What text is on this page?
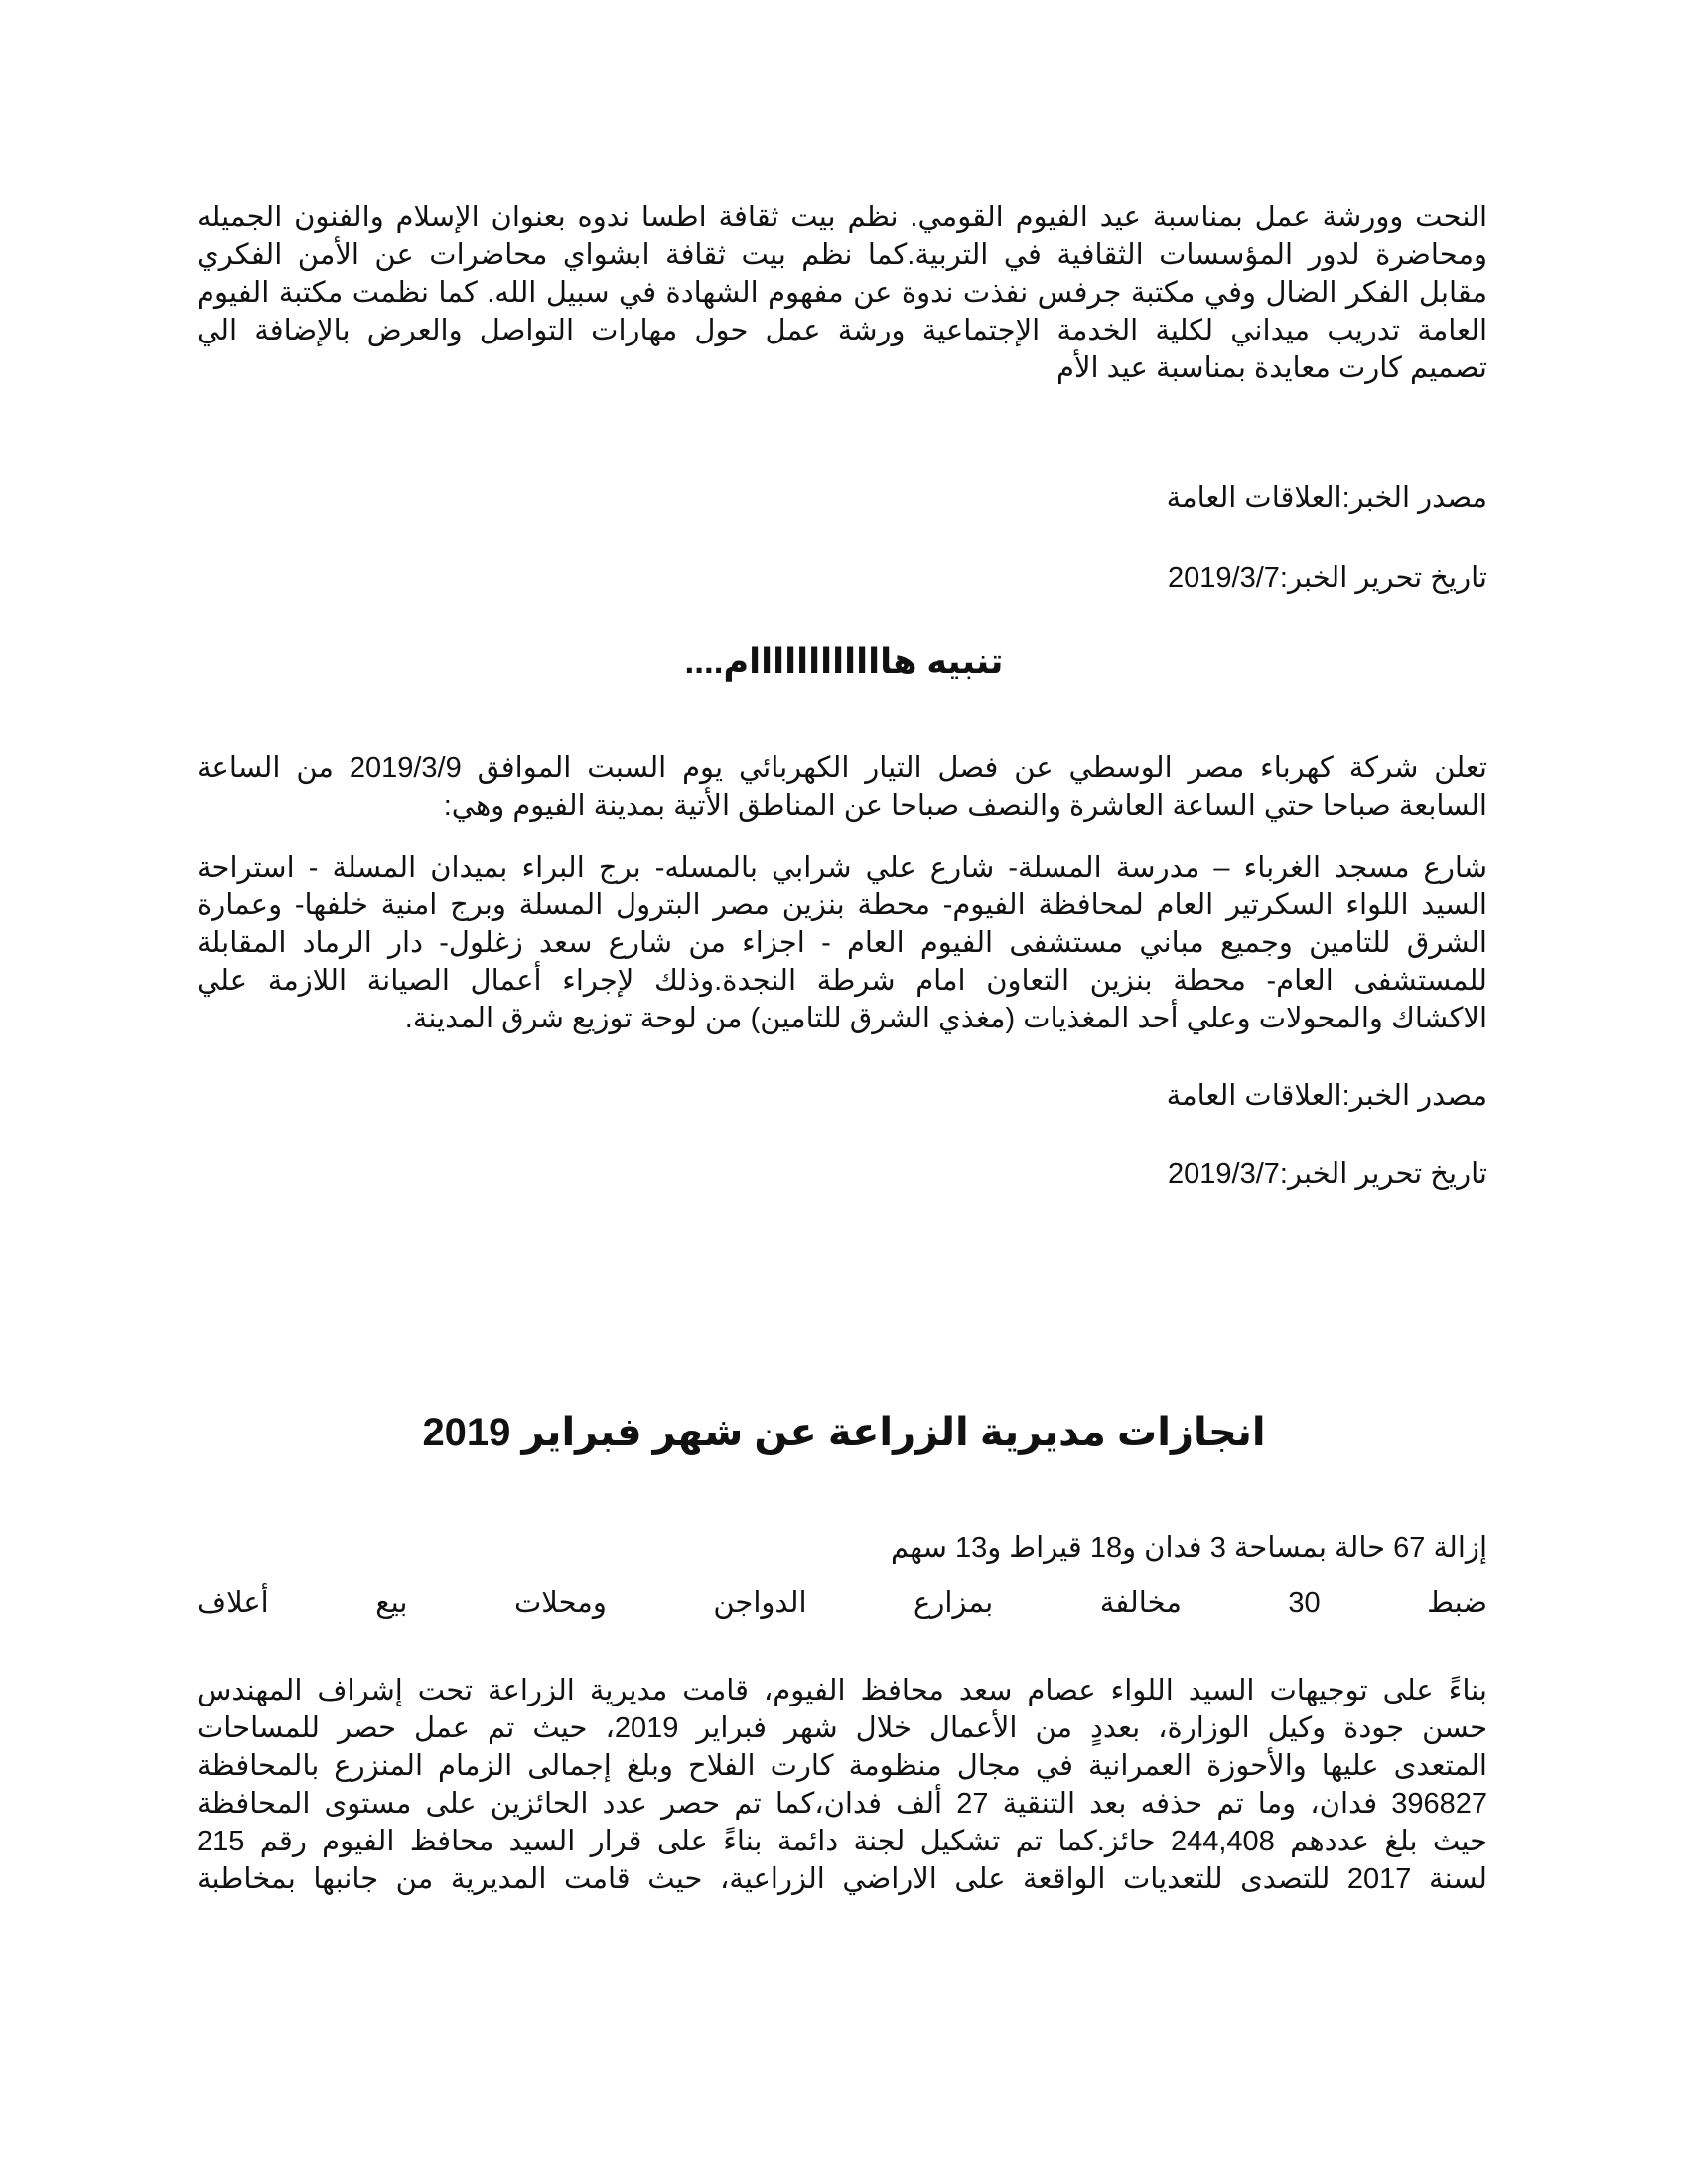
النحت وورشة عمل بمناسبة عيد الفيوم القومي. نظم بيت ثقافة اطسا ندوه بعنوان الإسلام والفنون الجميله
ومحاضرة لدور المؤسسات الثقافية في التربية.كما نظم بيت ثقافة ابشواي محاضرات عن الأمن الفكري
مقابل الفكر الضال وفي مكتبة جرفس نفذت ندوة عن مفهوم الشهادة في سبيل الله. كما نظمت مكتبة الفيوم
العامة تدريب ميداني لكلية الخدمة الإجتماعية ورشة عمل حول مهارات التواصل والعرض بالإضافة الي
تصميم كارت معايدة بمناسبة عيد الأم
مصدر الخبر:العلاقات العامة
تاريخ تحرير الخبر:2019/3/7
تنبيه هاااااااااااام....
تعلن شركة كهرباء مصر الوسطي عن فصل التيار الكهربائي يوم السبت الموافق 2019/3/9 من الساعة
السابعة صباحا حتي الساعة العاشرة والنصف صباحا عن المناطق الأتية بمدينة الفيوم وهي:
شارع مسجد الغرباء – مدرسة المسلة- شارع علي شرابي بالمسله- برج البراء بميدان المسلة - استراحة
السيد اللواء السكرتير العام لمحافظة الفيوم- محطة بنزين مصر البترول المسلة وبرج امنية خلفها- وعمارة
الشرق للتامين وجميع مباني مستشفى الفيوم العام - اجزاء من شارع سعد زغلول- دار الرماد المقابلة
للمستشفى العام- محطة بنزين التعاون امام شرطة النجدة.وذلك لإجراء أعمال الصيانة اللازمة علي
الاكشاك والمحولات وعلي أحد المغذيات (مغذي الشرق للتامين) من لوحة توزيع شرق المدينة.
مصدر الخبر:العلاقات العامة
تاريخ تحرير الخبر:2019/3/7
انجازات مديرية الزراعة عن شهر فبراير 2019
إزالة 67 حالة بمساحة 3 فدان و18 قيراط و13 سهم
ضبط
30
مخالفة
بمزارع
الدواجن
ومحلات
بيع
أعلاف
بناءً على توجيهات السيد اللواء عصام سعد محافظ الفيوم، قامت مديرية الزراعة تحت إشراف المهندس
حسن جودة وكيل الوزارة، بعددٍ من الأعمال خلال شهر فبراير 2019، حيث تم عمل حصر للمساحات
المتعدى عليها والأحوزة العمرانية في مجال منظومة كارت الفلاح وبلغ إجمالى الزمام المنزرع بالمحافظة
396827 فدان، وما تم حذفه بعد التنقية 27 ألف فدان،كما تم حصر عدد الحائزين على مستوى المحافظة
حيث بلغ عددهم 244,408 حائز.كما تم تشكيل لجنة دائمة بناءً على قرار السيد محافظ الفيوم رقم 215
لسنة 2017 للتصدى للتعديات الواقعة على الاراضي الزراعية، حيث قامت المديرية من جانبها بمخاطبة
